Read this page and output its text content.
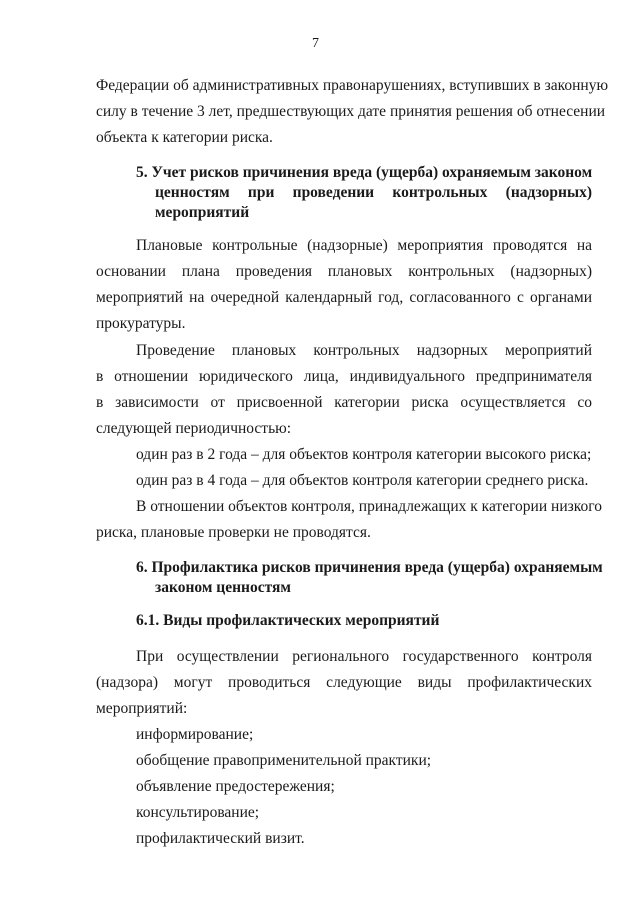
7
Федерации об административных правонарушениях, вступивших в законную
силу в течение 3 лет, предшествующих дате принятия решения об отнесении
объекта к категории риска.
5. Учет рисков причинения вреда (ущерба) охраняемым законом
ценностям при проведении контрольных (надзорных)
мероприятий
Плановые контрольные (надзорные) мероприятия проводятся на
основании плана проведения плановых контрольных (надзорных)
мероприятий на очередной календарный год, согласованного с органами
прокуратуры.
Проведение плановых контрольных надзорных мероприятий
в отношении юридического лица, индивидуального предпринимателя
в зависимости от присвоенной категории риска осуществляется со
следующей периодичностью:
один раз в 2 года – для объектов контроля категории высокого риска;
один раз в 4 года – для объектов контроля категории среднего риска.
В отношении объектов контроля, принадлежащих к категории низкого
риска, плановые проверки не проводятся.
6. Профилактика рисков причинения вреда (ущерба) охраняемым
законом ценностям
6.1. Виды профилактических мероприятий
При осуществлении регионального государственного контроля
(надзора) могут проводиться следующие виды профилактических
мероприятий:
информирование;
обобщение правоприменительной практики;
объявление предостережения;
консультирование;
профилактический визит.
